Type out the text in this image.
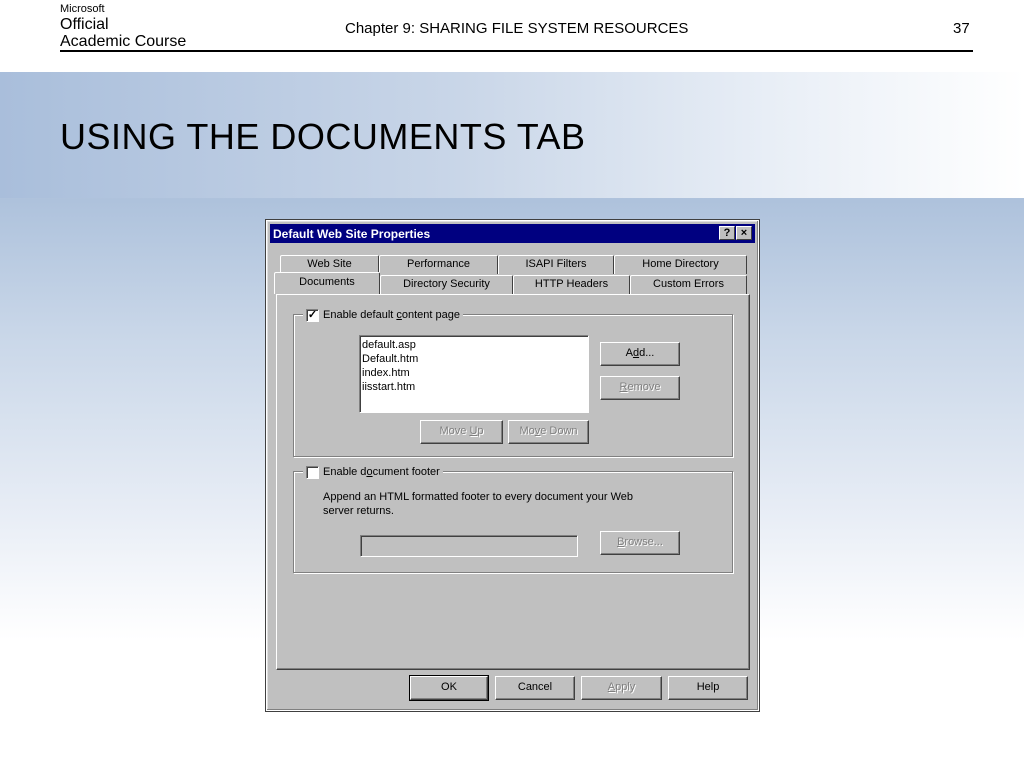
Microsoft
Official
Academic Course
Chapter 9: SHARING FILE SYSTEM RESOURCES	37
USING THE DOCUMENTS TAB
Default Web Site Properties	? ×
Web Site	Performance	ISAPI Filters	Home Directory
Documents	Directory Security	HTTP Headers	Custom Errors
✓ Enable default content page
default.asp
Default.htm
index.htm
iisstart.htm
Add...
Remove
Move Up	Move Down
Enable document footer
Append an HTML formatted footer to every document your Web
server returns.
Browse...
OK	Cancel	Apply	Help
